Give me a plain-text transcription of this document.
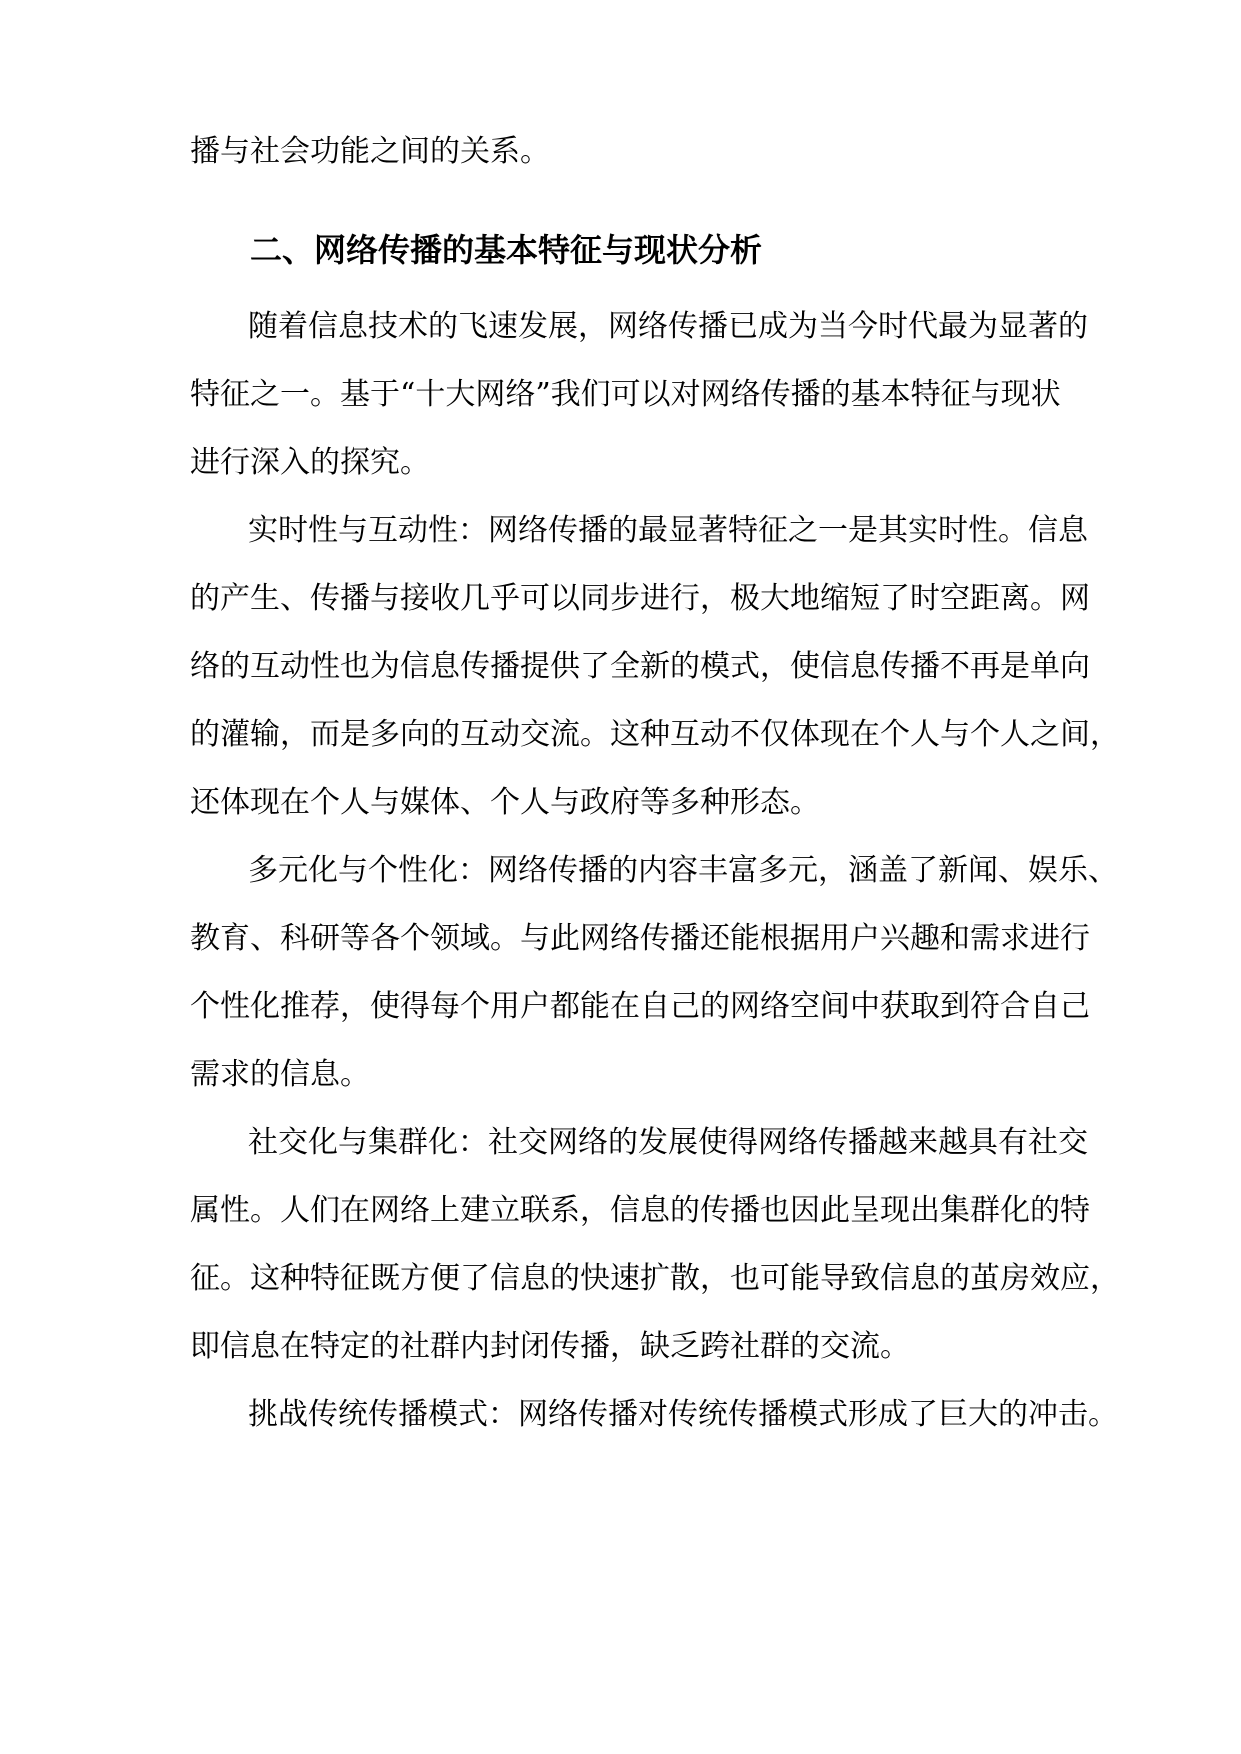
播与社会功能之间的关系。
二、网络传播的基本特征与现状分析
随着信息技术的飞速发展，网络传播已成为当今时代最为显著的
特征之一。基于“十大网络”我们可以对网络传播的基本特征与现状
进行深入的探究。
实时性与互动性：网络传播的最显著特征之一是其实时性。信息
的产生、传播与接收几乎可以同步进行，极大地缩短了时空距离。网
络的互动性也为信息传播提供了全新的模式，使信息传播不再是单向
的灌输，而是多向的互动交流。这种互动不仅体现在个人与个人之间，
还体现在个人与媒体、个人与政府等多种形态。
多元化与个性化：网络传播的内容丰富多元，涵盖了新闻、娱乐、
教育、科研等各个领域。与此网络传播还能根据用户兴趣和需求进行
个性化推荐，使得每个用户都能在自己的网络空间中获取到符合自己
需求的信息。
社交化与集群化：社交网络的发展使得网络传播越来越具有社交
属性。人们在网络上建立联系，信息的传播也因此呈现出集群化的特
征。这种特征既方便了信息的快速扩散，也可能导致信息的茧房效应，
即信息在特定的社群内封闭传播，缺乏跨社群的交流。
挑战传统传播模式：网络传播对传统传播模式形成了巨大的冲击。
